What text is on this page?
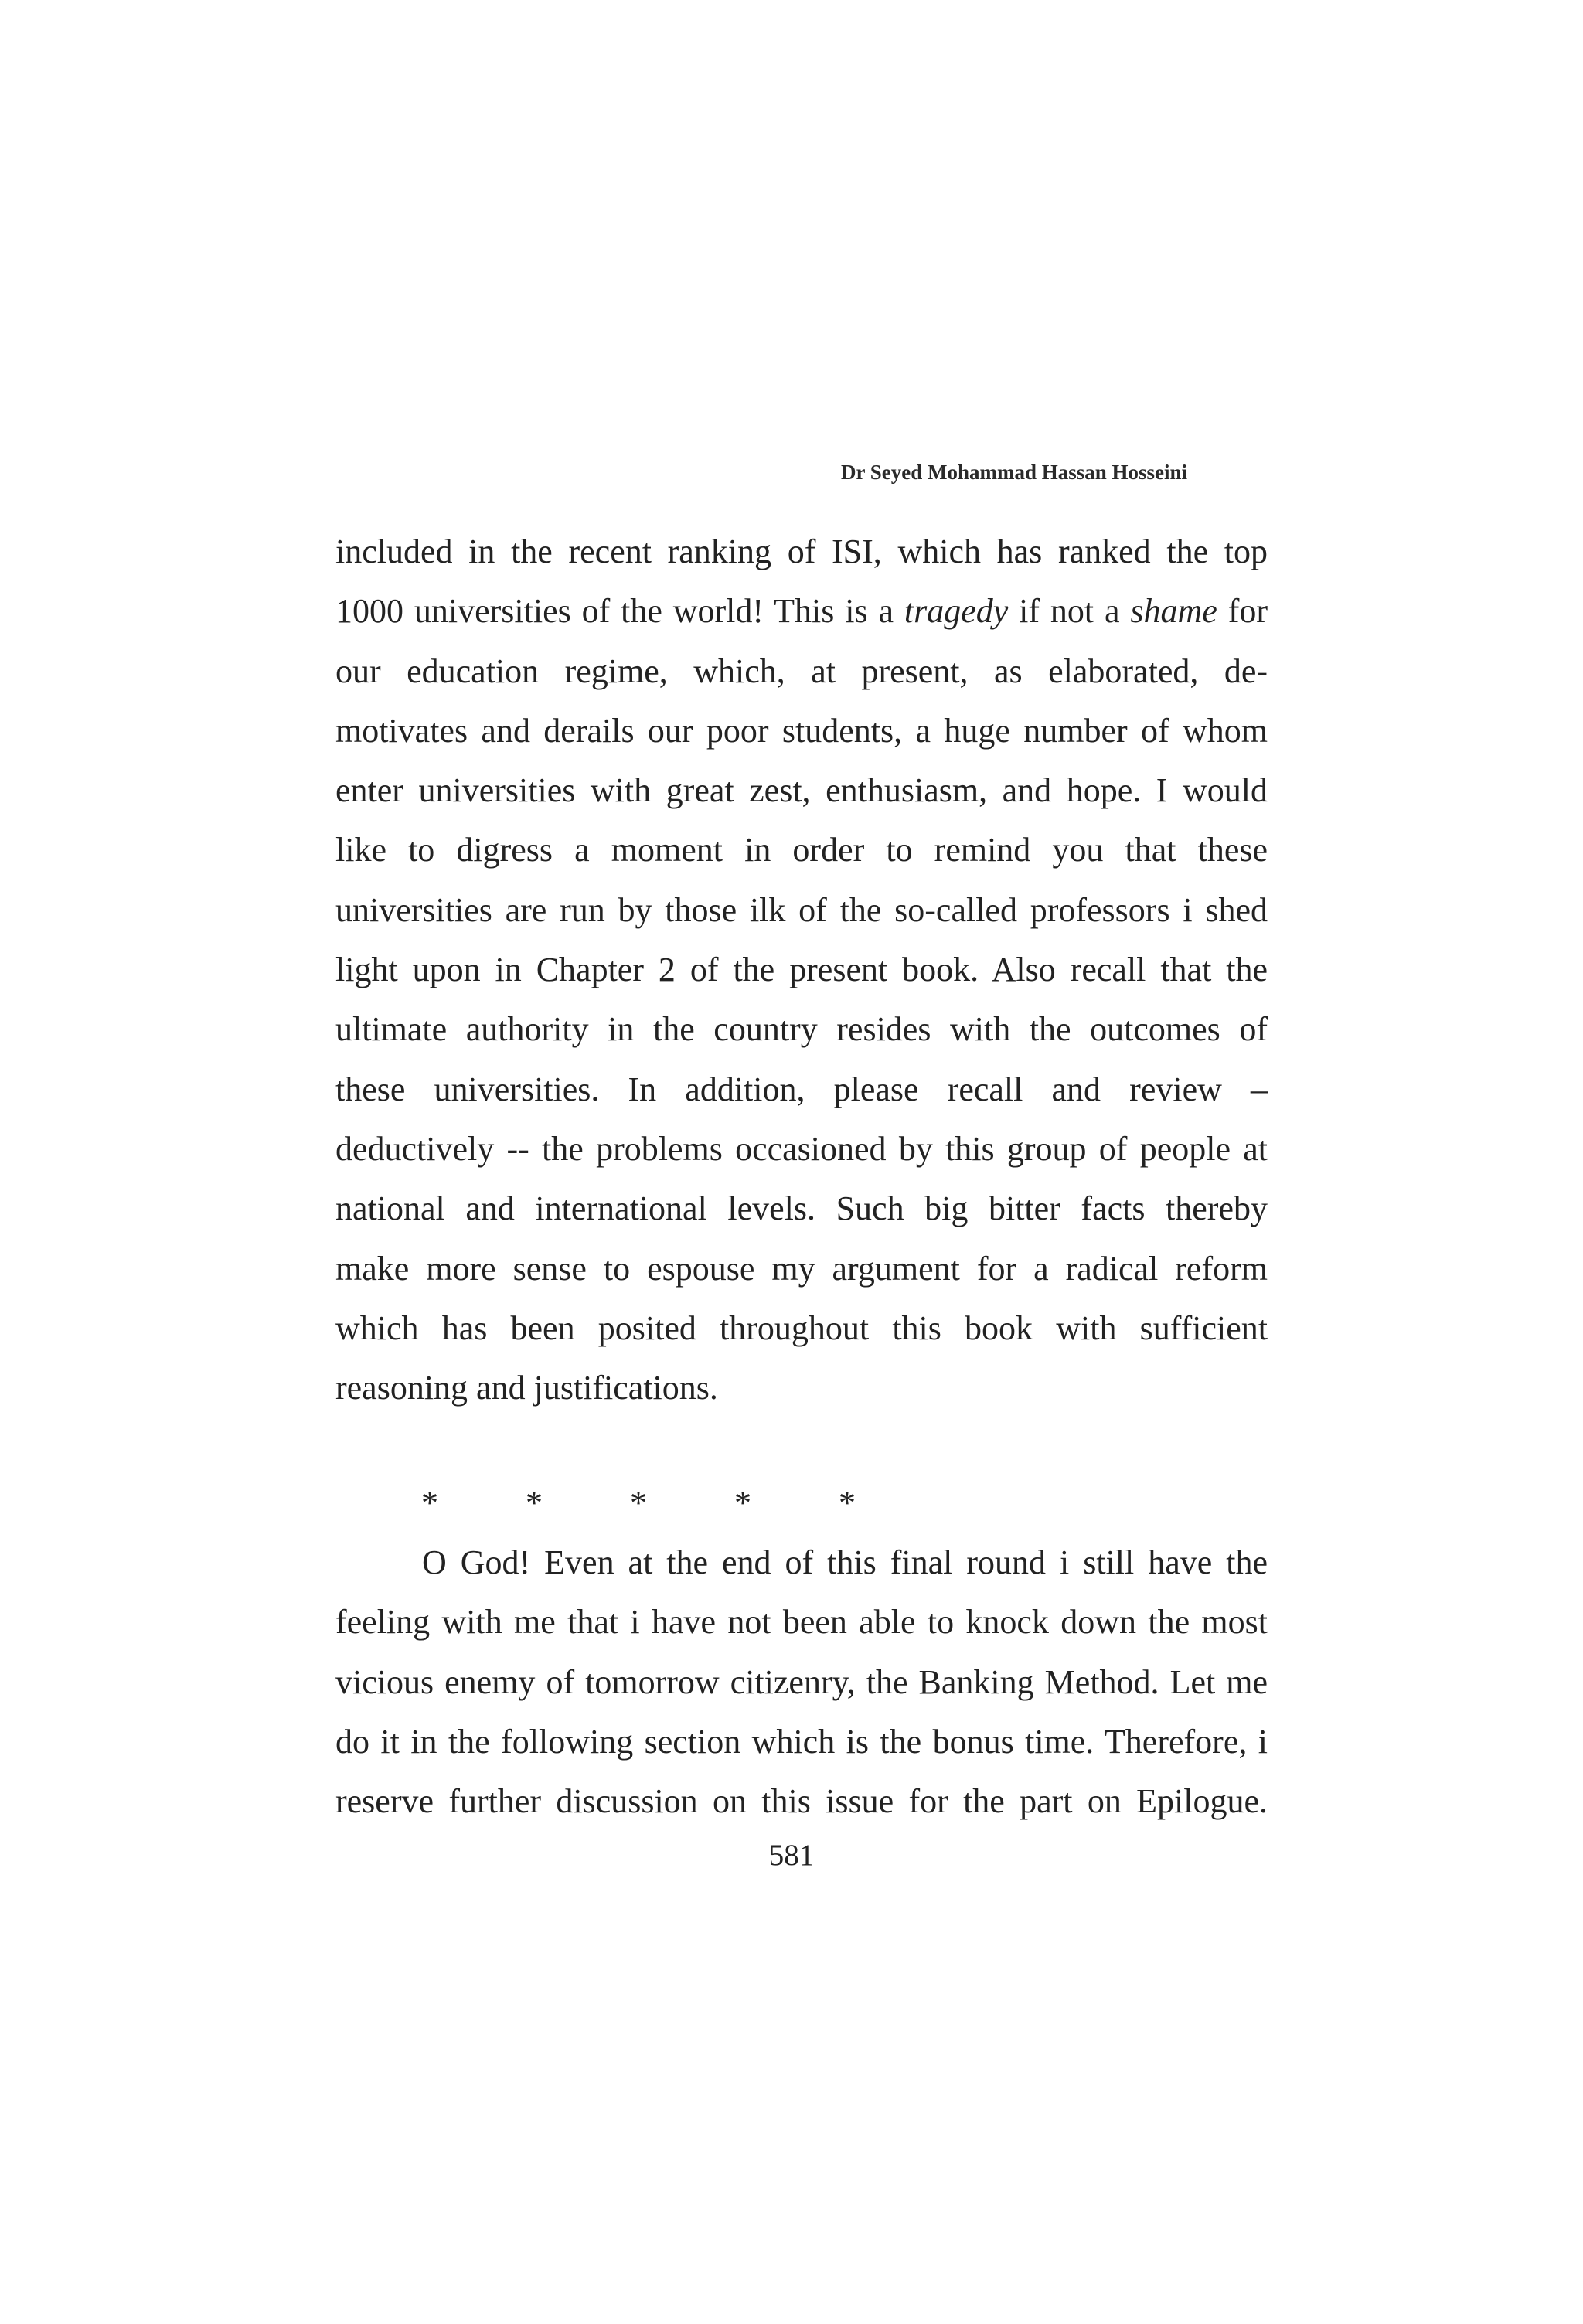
Dr Seyed Mohammad Hassan Hosseini
included in the recent ranking of ISI, which has ranked the top
1000 universities of the world! This is a tragedy if not a shame for
our education regime, which, at present, as elaborated, de-
motivates and derails our poor students, a huge number of whom
enter universities with great zest, enthusiasm, and hope. I would
like to digress a moment in order to remind you that these
universities are run by those ilk of the so-called professors i shed
light upon in Chapter 2 of the present book. Also recall that the
ultimate authority in the country resides with the outcomes of
these universities. In addition, please recall and review –
deductively -- the problems occasioned by this group of people at
national and international levels. Such big bitter facts thereby
make more sense to espouse my argument for a radical reform
which has been posited throughout this book with sufficient
reasoning and justifications.
*	*	*	*	*
O God! Even at the end of this final round i still have the
feeling with me that i have not been able to knock down the most
vicious enemy of tomorrow citizenry, the Banking Method. Let me
do it in the following section which is the bonus time. Therefore, i
reserve further discussion on this issue for the part on Epilogue.
581
